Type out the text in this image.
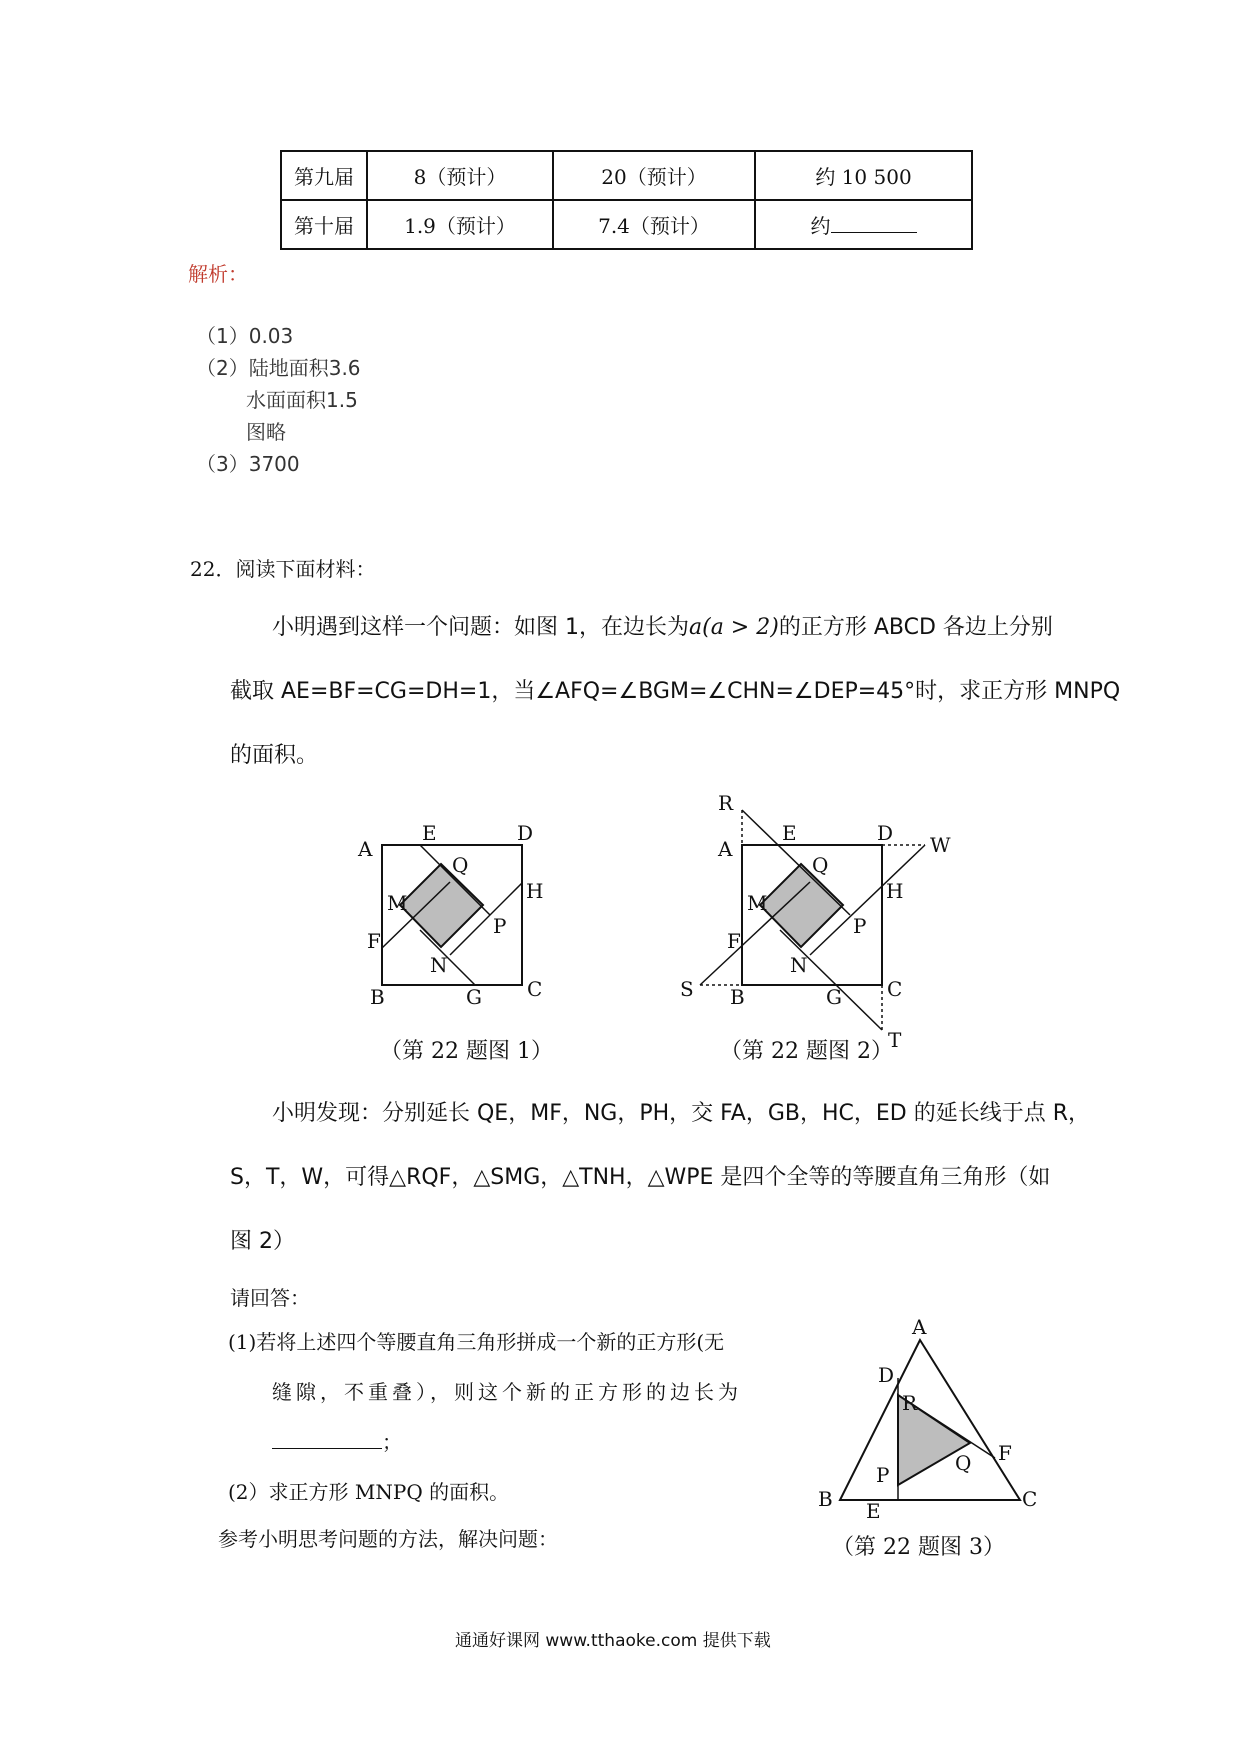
第九届	8（预计）	20（预计）	约 10 500
第十届	1.9（预计）	7.4（预计）	约
解析：
（1）0.03
（2）陆地面积3.6
水面面积1.5
图略
（3）3700
22．阅读下面材料：
小明遇到这样一个问题：如图 1，在边长为a(a > 2)的正方形 ABCD 各边上分别
截取 AE=BF=CG=DH=1，当∠AFQ=∠BGM=∠CHN=∠DEP=45°时，求正方形 MNPQ
的面积。
A
E	D
Q
H
M
P
F
N
B	G C
（第 22 题图 1）
R
A
E	D W
Q
H
M
P
F
N
S B	G C
T
（第 22 题图 2）
小明发现：分别延长 QE，MF，NG，PH，交 FA，GB，HC，ED 的延长线于点 R，
S，T，W，可得△RQF，△SMG，△TNH，△WPE 是四个全等的等腰直角三角形（如
图 2）
请回答：
(1)若将上述四个等腰直角三角形拼成一个新的正方形(无
缝隙，不重叠），则这个新的正方形的边长为
；
(2）求正方形 MNPQ 的面积。
参考小明思考问题的方法，解决问题：
A
D
R
F
Q
P
B E	C
（第 22 题图 3）
通通好课网 www.tthaoke.com 提供下载
